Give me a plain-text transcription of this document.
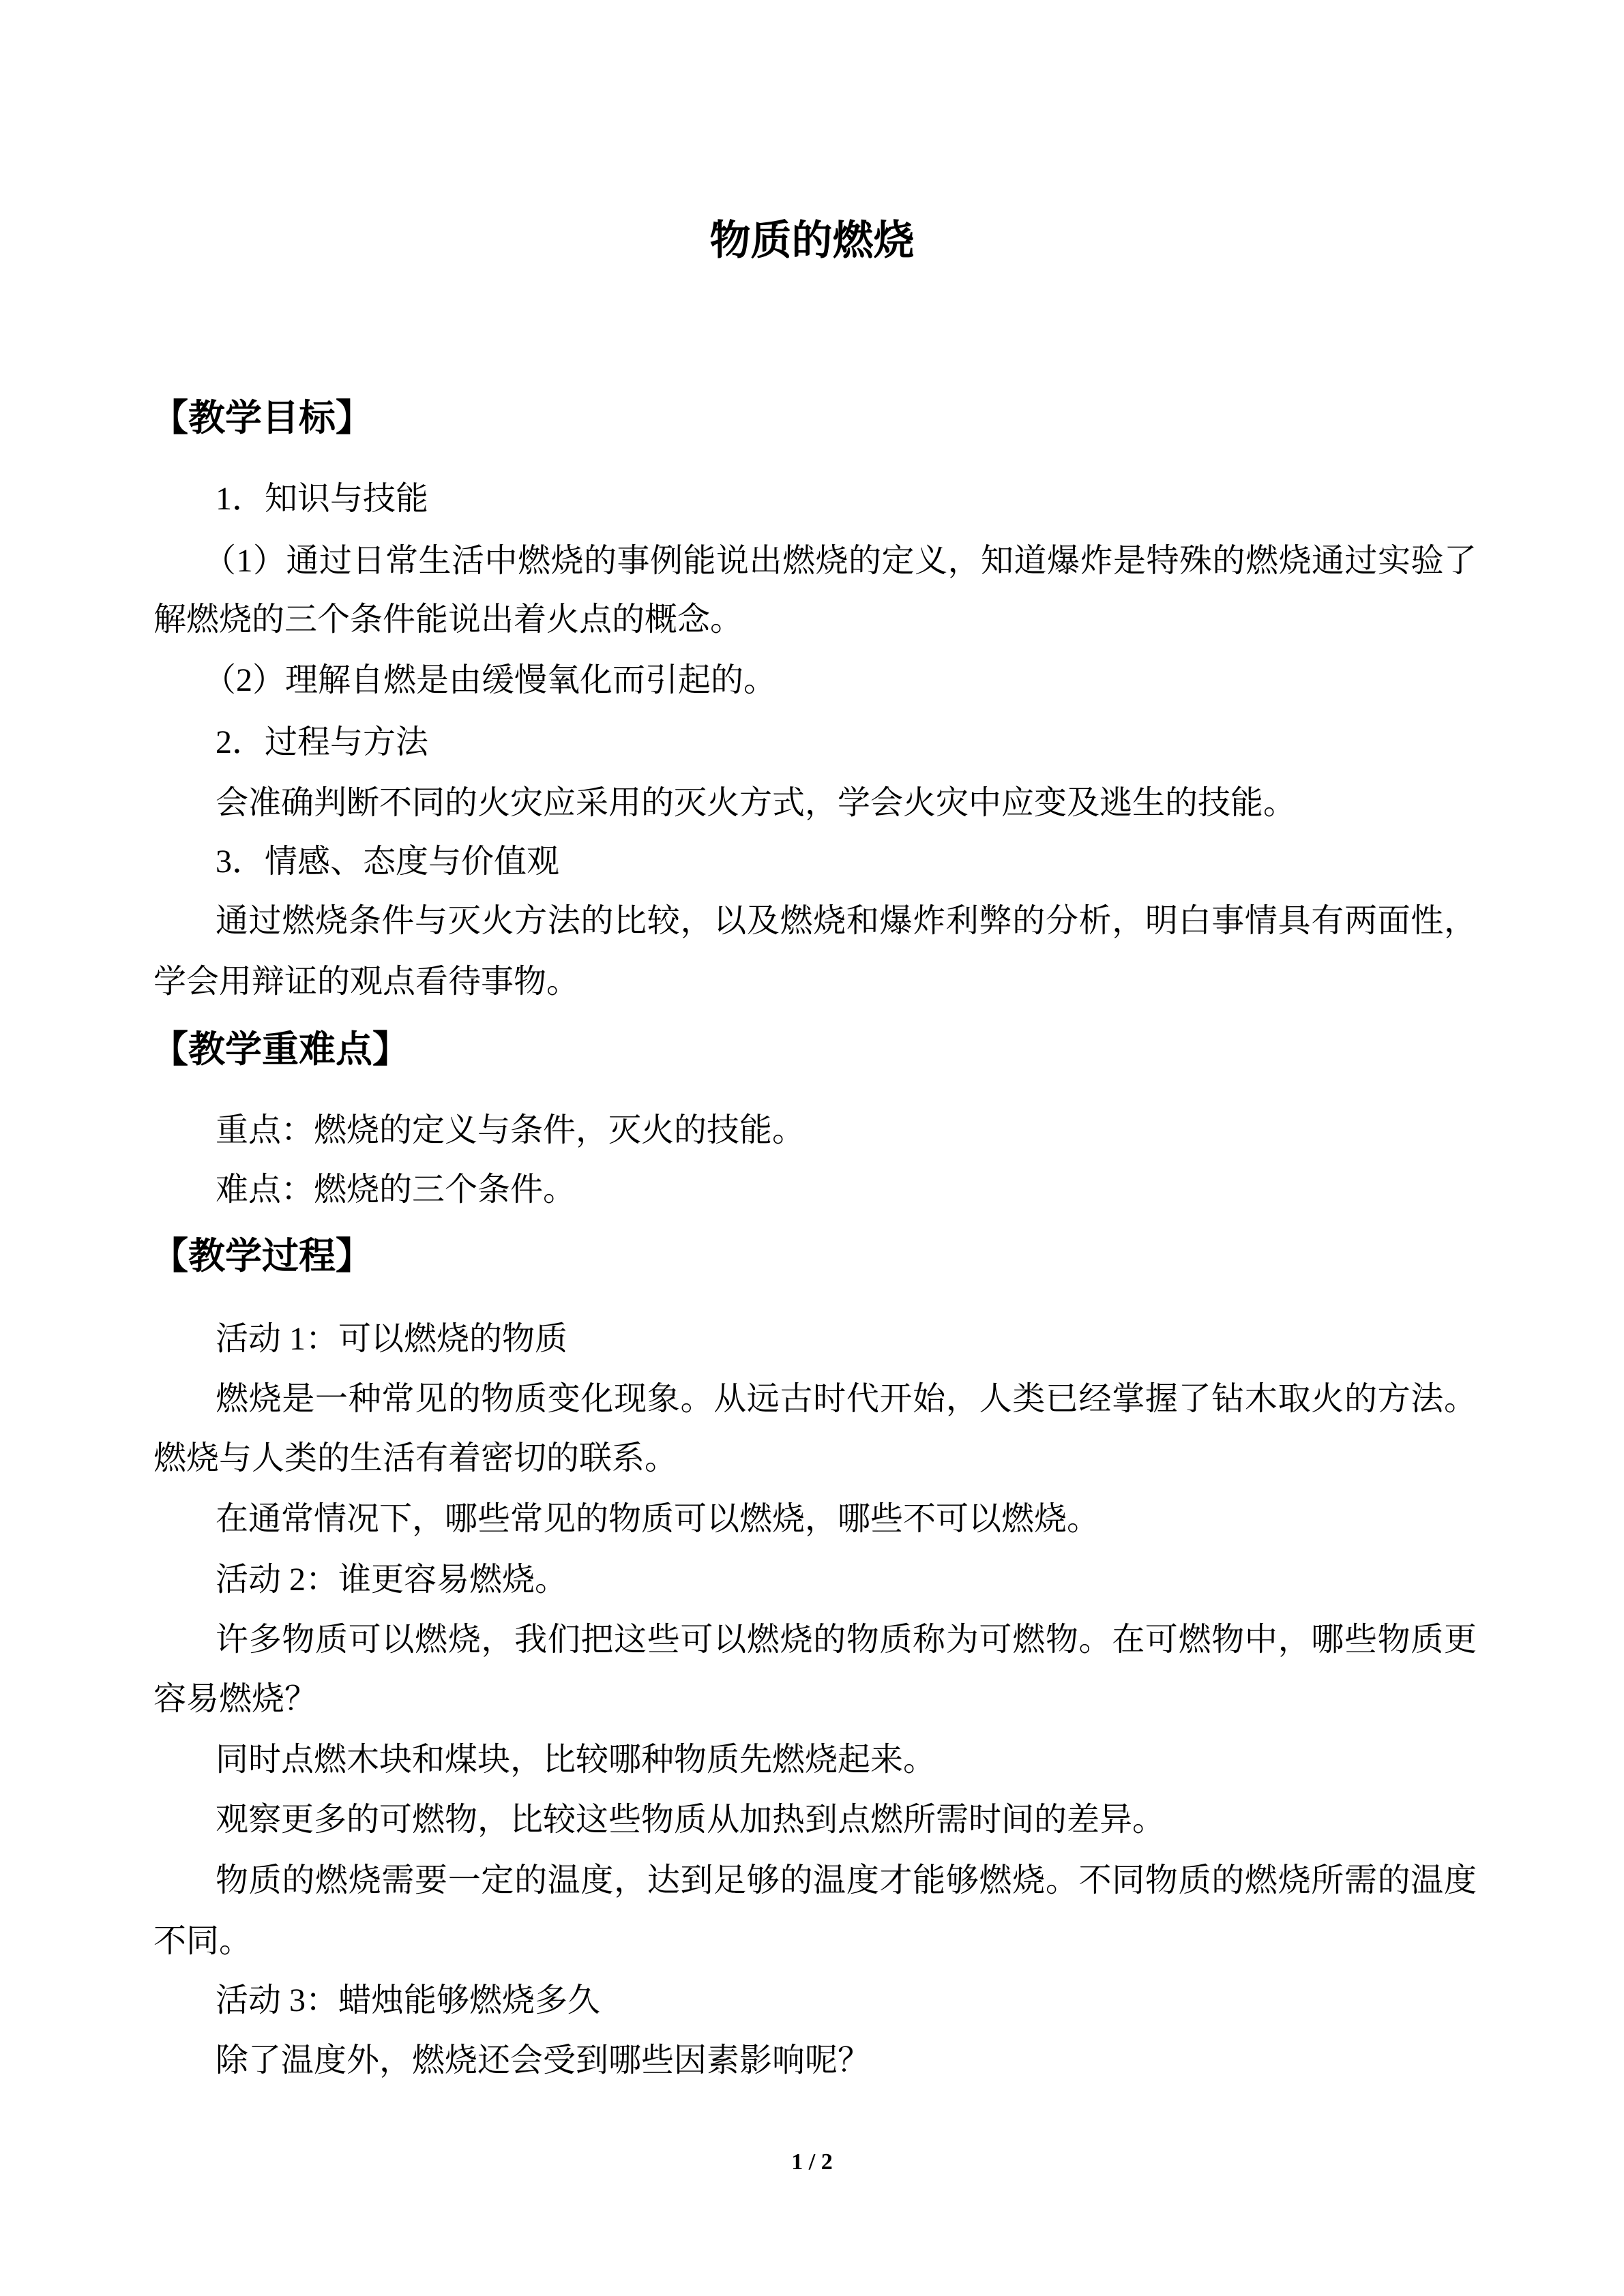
物质的燃烧
【教学目标】
1．知识与技能
（1）通过日常生活中燃烧的事例能说出燃烧的定义，知道爆炸是特殊的燃烧通过实验了
解燃烧的三个条件能说出着火点的概念。
（2）理解自燃是由缓慢氧化而引起的。
2．过程与方法
会准确判断不同的火灾应采用的灭火方式，学会火灾中应变及逃生的技能。
3．情感、态度与价值观
通过燃烧条件与灭火方法的比较，以及燃烧和爆炸利弊的分析，明白事情具有两面性，
学会用辩证的观点看待事物。
【教学重难点】
重点：燃烧的定义与条件，灭火的技能。
难点：燃烧的三个条件。
【教学过程】
活动 1：可以燃烧的物质
燃烧是一种常见的物质变化现象。从远古时代开始，人类已经掌握了钻木取火的方法。
燃烧与人类的生活有着密切的联系。
在通常情况下，哪些常见的物质可以燃烧，哪些不可以燃烧。
活动 2：谁更容易燃烧。
许多物质可以燃烧，我们把这些可以燃烧的物质称为可燃物。在可燃物中，哪些物质更
容易燃烧？
同时点燃木块和煤块，比较哪种物质先燃烧起来。
观察更多的可燃物，比较这些物质从加热到点燃所需时间的差异。
物质的燃烧需要一定的温度，达到足够的温度才能够燃烧。不同物质的燃烧所需的温度
不同。
活动 3：蜡烛能够燃烧多久
除了温度外，燃烧还会受到哪些因素影响呢？
1 / 2
